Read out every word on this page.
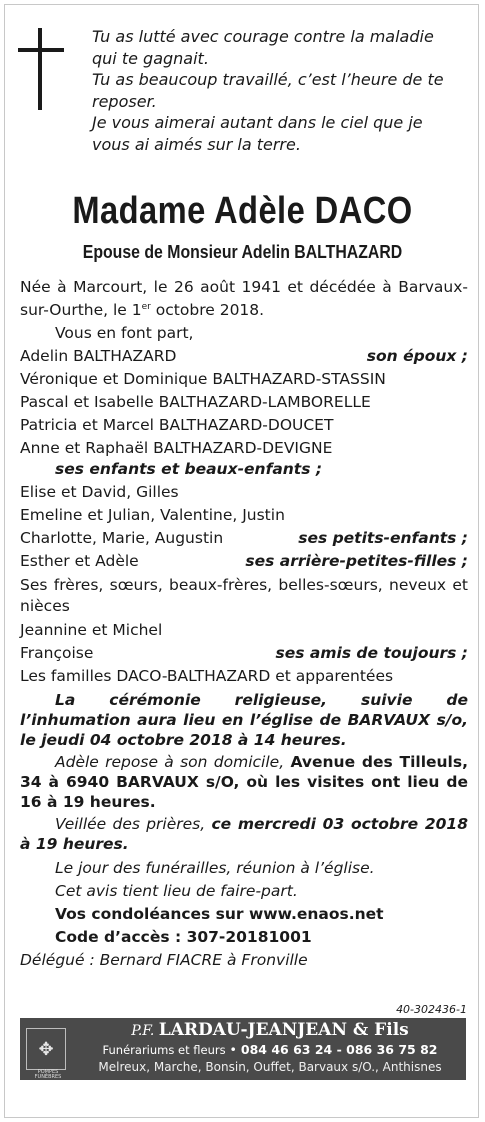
Tu as lutté avec courage contre la maladie
qui te gagnait.
Tu as beaucoup travaillé, c’est l’heure de te
reposer.
Je vous aimerai autant dans le ciel que je
vous ai aimés sur la terre.
Madame Adèle DACO
Epouse de Monsieur Adelin BALTHAZARD
Née à Marcourt, le 26 août 1941 et décédée à Barvaux-sur-Ourthe, le 1er octobre 2018.
Vous en font part,
Adelin BALTHAZARD	son époux ;
Véronique et Dominique BALTHAZARD-STASSIN
Pascal et Isabelle BALTHAZARD-LAMBORELLE
Patricia et Marcel BALTHAZARD-DOUCET
Anne et Raphaël BALTHAZARD-DEVIGNE
ses enfants et beaux-enfants ;
Elise et David, Gilles
Emeline et Julian, Valentine, Justin
Charlotte, Marie, Augustin	ses petits-enfants ;
Esther et Adèle	ses arrière-petites-filles ;
Ses frères, sœurs, beaux-frères, belles-sœurs, neveux et nièces
Jeannine et Michel
Françoise	ses amis de toujours ;
Les familles DACO-BALTHAZARD et apparentées
La cérémonie religieuse, suivie de l’inhumation aura lieu en l’église de BARVAUX s/o, le jeudi 04 octobre 2018 à 14 heures.
Adèle repose à son domicile, Avenue des Tilleuls, 34 à 6940 BARVAUX s/O, où les visites ont lieu de 16 à 19 heures.
Veillée des prières, ce mercredi 03 octobre 2018 à 19 heures.
Le jour des funérailles, réunion à l’église.
Cet avis tient lieu de faire-part.
Vos condoléances sur www.enaos.net
Code d’accès : 307-20181001
Délégué : Bernard FIACRE à Fronville
40-302436-1
✥
POMPES FUNÈBRES
P.F. LARDAU-JEANJEAN & Fils
Funérariums et fleurs • 084 46 63 24 - 086 36 75 82
Melreux, Marche, Bonsin, Ouffet, Barvaux s/O., Anthisnes
